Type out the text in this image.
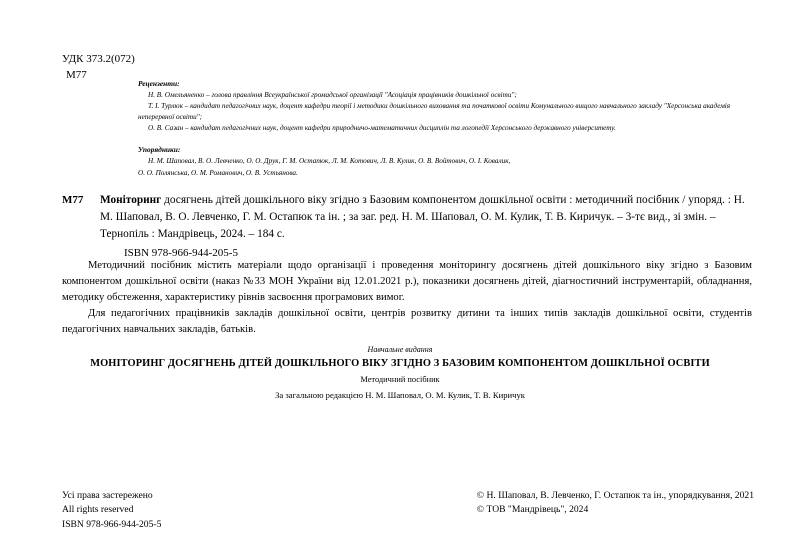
УДК 373.2(072)
М77
Рецензенти:
Н. В. Омельяненко – голова правління Всеукраїнської громадської організації "Асоціація працівників дошкільної освіти";
Т. І. Турлюк – кандидат педагогічних наук, доцент кафедри теорії і методики дошкільного виховання та початкової освіти Комунального вищого навчального закладу "Херсонська академія неперервної освіти";
О. В. Сазан – кандидат педагогічних наук, доцент кафедри природничо-математичних дисциплін та логопедії Херсонського державного університету.
Упорядники:
Н. М. Шаповал, В. О. Левченко, О. О. Друк, Г. М. Остапюк, Л. М. Котович, Л. В. Кулик, О. В. Войтович, О. І. Ковалик,
О. О. Полянська, О. М. Романович, О. В. Устьянова.
М77 Моніторинг досягнень дітей дошкільного віку згідно з Базовим компонентом дошкільної освіти : методичний посібник / упоряд. : Н. М. Шаповал, В. О. Левченко, Г. М. Остапюк та ін. ; за заг. ред. Н. М. Шаповал, О. М. Кулик, Т. В. Киричук. – 3-тє вид., зі змін. – Тернопіль : Мандрівець, 2024. – 184 с.
ISBN 978-966-944-205-5

Методичний посібник містить матеріали щодо організації і проведення моніторингу досягнень дітей дошкільного віку згідно з Базовим компонентом дошкільної освіти (наказ №33 МОН України від 12.01.2021 р.), показники досягнень дітей, діагностичний інструментарій, обладнання, методику обстеження, характеристику рівнів засвоєння програмових вимог.

Для педагогічних працівників закладів дошкільної освіти, центрів розвитку дитини та інших типів закладів дошкільної освіти, студентів педагогічних навчальних закладів, батьків.

Навчальне видання
МОНІТОРИНГ ДОСЯГНЕНЬ ДІТЕЙ ДОШКІЛЬНОГО ВІКУ ЗГІДНО З БАЗОВИМ КОМПОНЕНТОМ ДОШКІЛЬНОЇ ОСВІТИ
Методичний посібник
За загальною редакцією Н. М. Шаповал, О. М. Кулик, Т. В. Киричук
Усі права застережено
All rights reserved
ISBN 978-966-944-205-5
© Н. Шаповал, В. Левченко, Г. Остапюк та ін., упорядкування, 2021
© ТОВ "Мандрівець", 2024
